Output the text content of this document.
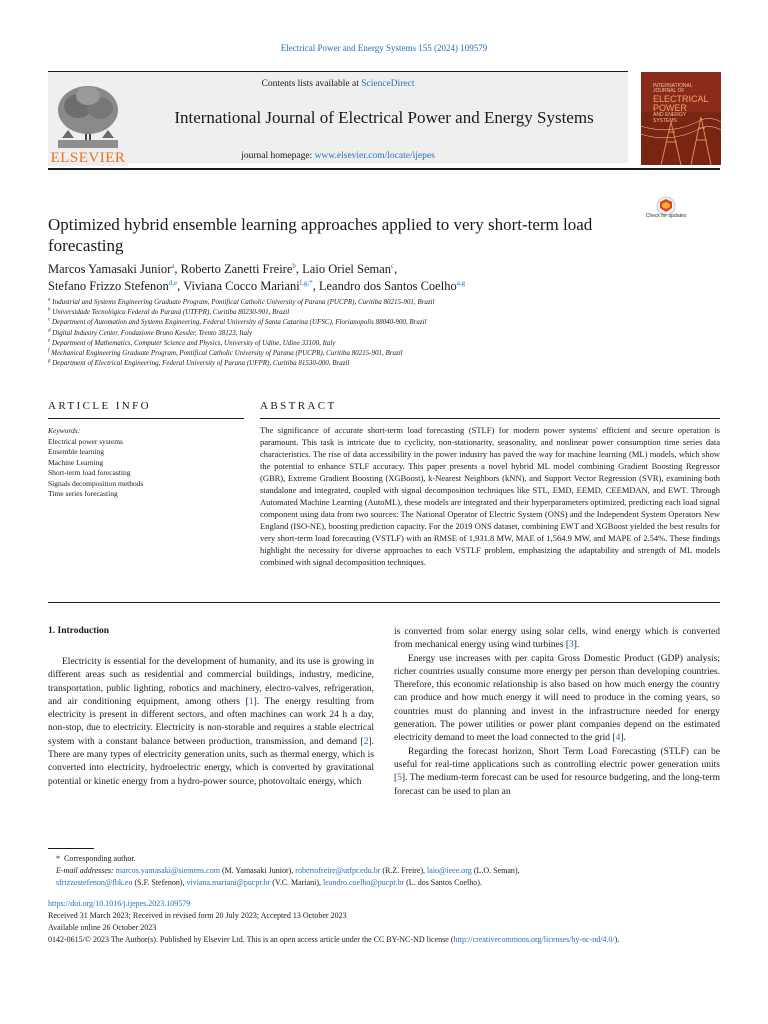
Electrical Power and Energy Systems 155 (2024) 109579
Contents lists available at ScienceDirect
International Journal of Electrical Power and Energy Systems
journal homepage: www.elsevier.com/locate/ijepes
ELSEVIER
INTERNATIONAL JOURNAL OF
ELECTRICAL
POWER
AND ENERGY
SYSTEMS
Optimized hybrid ensemble learning approaches applied to very short-term load forecasting
Check for updates
Marcos Yamasaki Junior$^a$, Roberto Zanetti Freire$^b$, Laio Oriel Seman$^c$,
Stefano Frizzo Stefenon$^{d,e}$, Viviana Cocco Mariani$^{f,g,*}$, Leandro dos Santos Coelho$^{a,g}$
$^a$ Industrial and Systems Engineering Graduate Program, Pontifical Catholic University of Parana (PUCPR), Curitiba 80215-901, Brazil
$^b$ Universidade Tecnológica Federal do Paraná (UTFPR), Curitiba 80230-901, Brazil
$^c$ Department of Automation and Systems Engineering, Federal University of Santa Catarina (UFSC), Florianopolis 88040-900, Brazil
$^d$ Digital Industry Center, Fondazione Bruno Kessler, Trento 38123, Italy
$^e$ Department of Mathematics, Computer Science and Physics, University of Udine, Udine 33100, Italy
$^f$ Mechanical Engineering Graduate Program, Pontifical Catholic University of Parana (PUCPR), Curitiba 80215-901, Brazil
$^g$ Department of Electrical Engineering, Federal University of Parana (UFPR), Curitiba 81530-000, Brazil
ARTICLE INFO	ABSTRACT
Keywords:
Electrical power systems
Ensemble learning
Machine Learning
Short-term load forecasting
Signals decomposition methods
Time series forecasting
The significance of accurate short-term load forecasting (STLF) for modern power systems' efficient and secure operation is paramount. This task is intricate due to cyclicity, non-stationarity, seasonality, and nonlinear power consumption time series data characteristics. The rise of data accessibility in the power industry has paved the way for machine learning (ML) models, which show the potential to enhance STLF accuracy. This paper presents a novel hybrid ML model combining Gradient Boosting Regressor (GBR), Extreme Gradient Boosting (XGBoost), k-Nearest Neighbors (kNN), and Support Vector Regression (SVR), examining both standalone and integrated, coupled with signal decomposition techniques like STL, EMD, EEMD, CEEMDAN, and EWT. Through Automated Machine Learning (AutoML), these models are integrated and their hyperparameters optimized, predicting each load signal component using data from two sources: The National Operator of Electric System (ONS) and the Independent System Operators New England (ISO-NE), boosting prediction capacity. For the 2019 ONS dataset, combining EWT and XGBoost yielded the best results for very short-term load forecasting (VSTLF) with an RMSE of 1,931.8 MW, MAE of 1,564.9 MW, and MAPE of 2.54%. These findings highlight the necessity for diverse approaches to each VSTLF problem, emphasizing the adaptability and strength of ML models combined with signal decomposition techniques.
1. Introduction

Electricity is essential for the development of humanity, and its use is growing in different areas such as residential and commercial buildings, industry, medicine, transportation, public lighting, robotics and machinery, electro-valves, refrigeration, and air conditioning equipment, among others [1]. The energy resulting from electricity is present in different sectors, and often machines can work 24 h a day, non-stop, due to electricity. Electricity is non-storable and requires a stable electrical system with a constant balance between production, transmission, and demand [2]. There are many types of electricity generation units, such as thermal energy, which is converted into electricity, hydroelectric energy, which is converted by gravitational potential or kinetic energy from a hydro-power source, photovoltaic energy, which

is converted from solar energy using solar cells, wind energy which is converted from mechanical energy using wind turbines [3].

Energy use increases with per capita Gross Domestic Product (GDP) analysis; richer countries usually consume more energy per person than developing countries. Therefore, this economic relationship is also based on how much energy the country can produce and how much energy it will need to produce in the coming years, so countries must do planning and invest in the infrastructure needed for energy generation. The power utilities or power plant companies depend on the estimated electricity demand to meet the load connected to the grid [4].

Regarding the forecast horizon, Short Term Load Forecasting (STLF) can be useful for real-time applications such as controlling electric power generation units [5]. The medium-term forecast can be used for resource budgeting, and the long-term forecast can be used to plan an

* Corresponding author.
E-mail addresses: marcos.yamasaki@siemens.com (M. Yamasaki Junior), robertofreire@utfpr.edu.br (R.Z. Freire), laio@ieee.org (L.O. Seman),
sfrizzostefenon@fbk.eu (S.F. Stefenon), viviana.mariani@pucpr.br (V.C. Mariani), leandro.coelho@pucpr.br (L. dos Santos Coelho).
https://doi.org/10.1016/j.ijepes.2023.109579
Received 31 March 2023; Received in revised form 20 July 2023; Accepted 13 October 2023
Available online 26 October 2023
0142-0615/© 2023 The Author(s). Published by Elsevier Ltd. This is an open access article under the CC BY-NC-ND license (http://creativecommons.org/licenses/by-nc-nd/4.0/).
